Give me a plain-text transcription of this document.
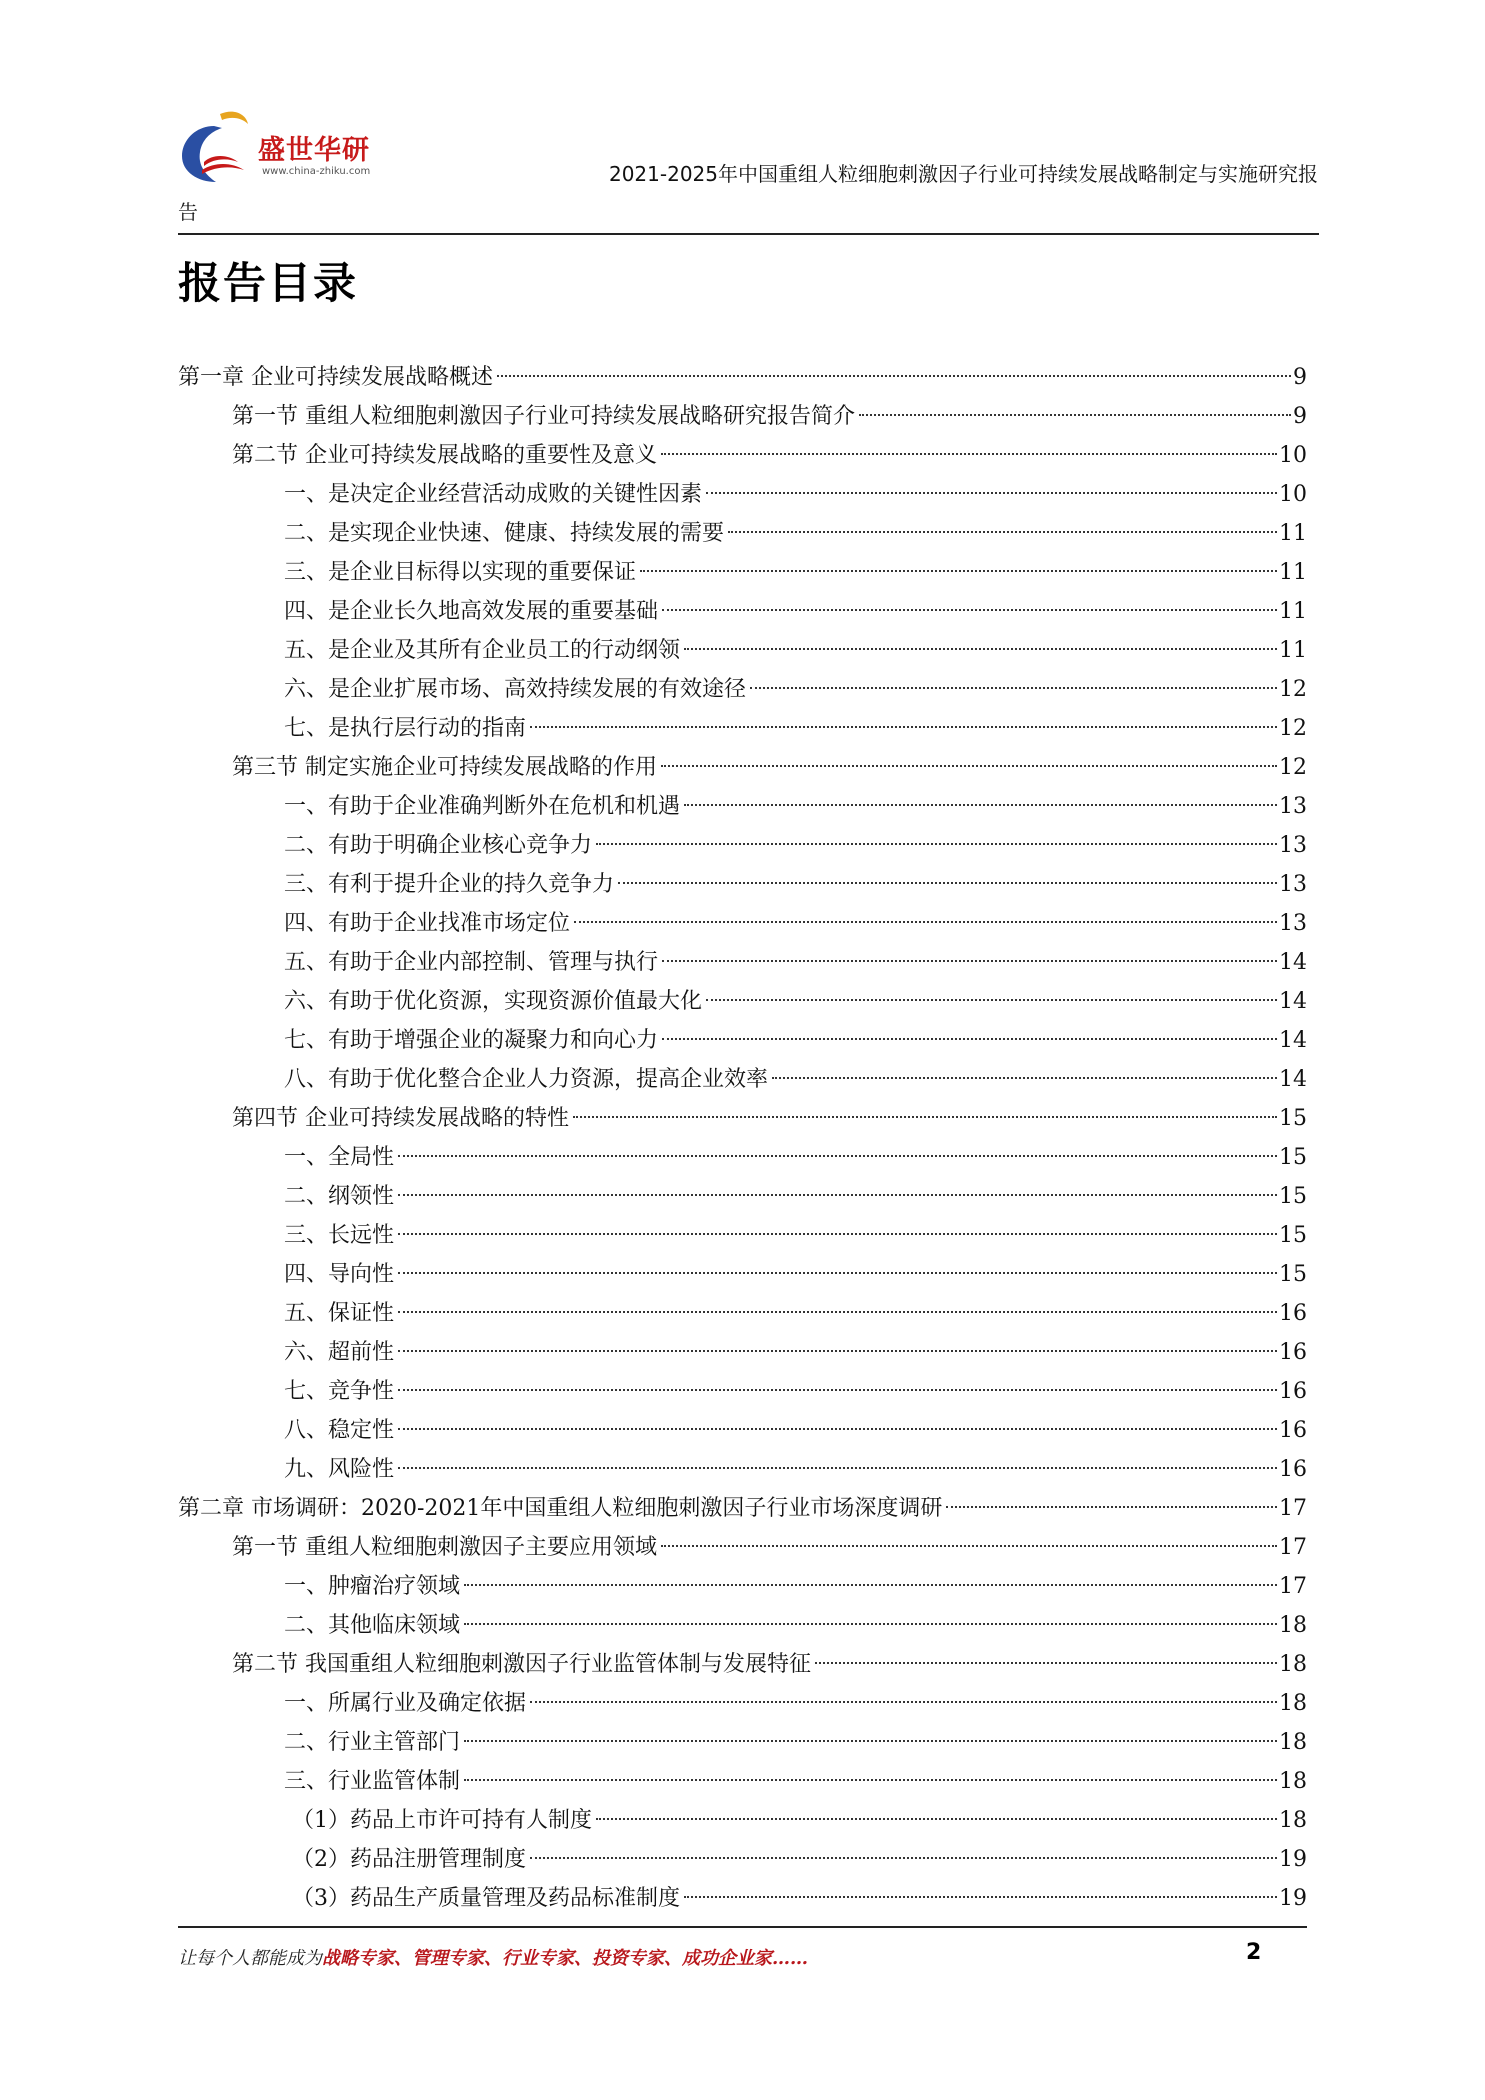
盛世华研
www.china-zhiku.com	2021-2025年中国重组人粒细胞刺激因子行业可持续发展战略制定与实施研究报
告
报告目录
第一章 企业可持续发展战略概述	9
第一节 重组人粒细胞刺激因子行业可持续发展战略研究报告简介	9
第二节 企业可持续发展战略的重要性及意义	10
一、是决定企业经营活动成败的关键性因素	10
二、是实现企业快速、健康、持续发展的需要	11
三、是企业目标得以实现的重要保证	11
四、是企业长久地高效发展的重要基础	11
五、是企业及其所有企业员工的行动纲领	11
六、是企业扩展市场、高效持续发展的有效途径	12
七、是执行层行动的指南	12
第三节 制定实施企业可持续发展战略的作用	12
一、有助于企业准确判断外在危机和机遇	13
二、有助于明确企业核心竞争力	13
三、有利于提升企业的持久竞争力	13
四、有助于企业找准市场定位	13
五、有助于企业内部控制、管理与执行	14
六、有助于优化资源，实现资源价值最大化	14
七、有助于增强企业的凝聚力和向心力	14
八、有助于优化整合企业人力资源，提高企业效率	14
第四节 企业可持续发展战略的特性	15
一、全局性	15
二、纲领性	15
三、长远性	15
四、导向性	15
五、保证性	16
六、超前性	16
七、竞争性	16
八、稳定性	16
九、风险性	16
第二章 市场调研：2020-2021年中国重组人粒细胞刺激因子行业市场深度调研	17
第一节 重组人粒细胞刺激因子主要应用领域	17
一、肿瘤治疗领域	17
二、其他临床领域	18
第二节 我国重组人粒细胞刺激因子行业监管体制与发展特征	18
一、所属行业及确定依据	18
二、行业主管部门	18
三、行业监管体制	18
（1）药品上市许可持有人制度	18
（2）药品注册管理制度	19
（3）药品生产质量管理及药品标准制度	19
让每个人都能成为战略专家、管理专家、行业专家、投资专家、成功企业家……	2
